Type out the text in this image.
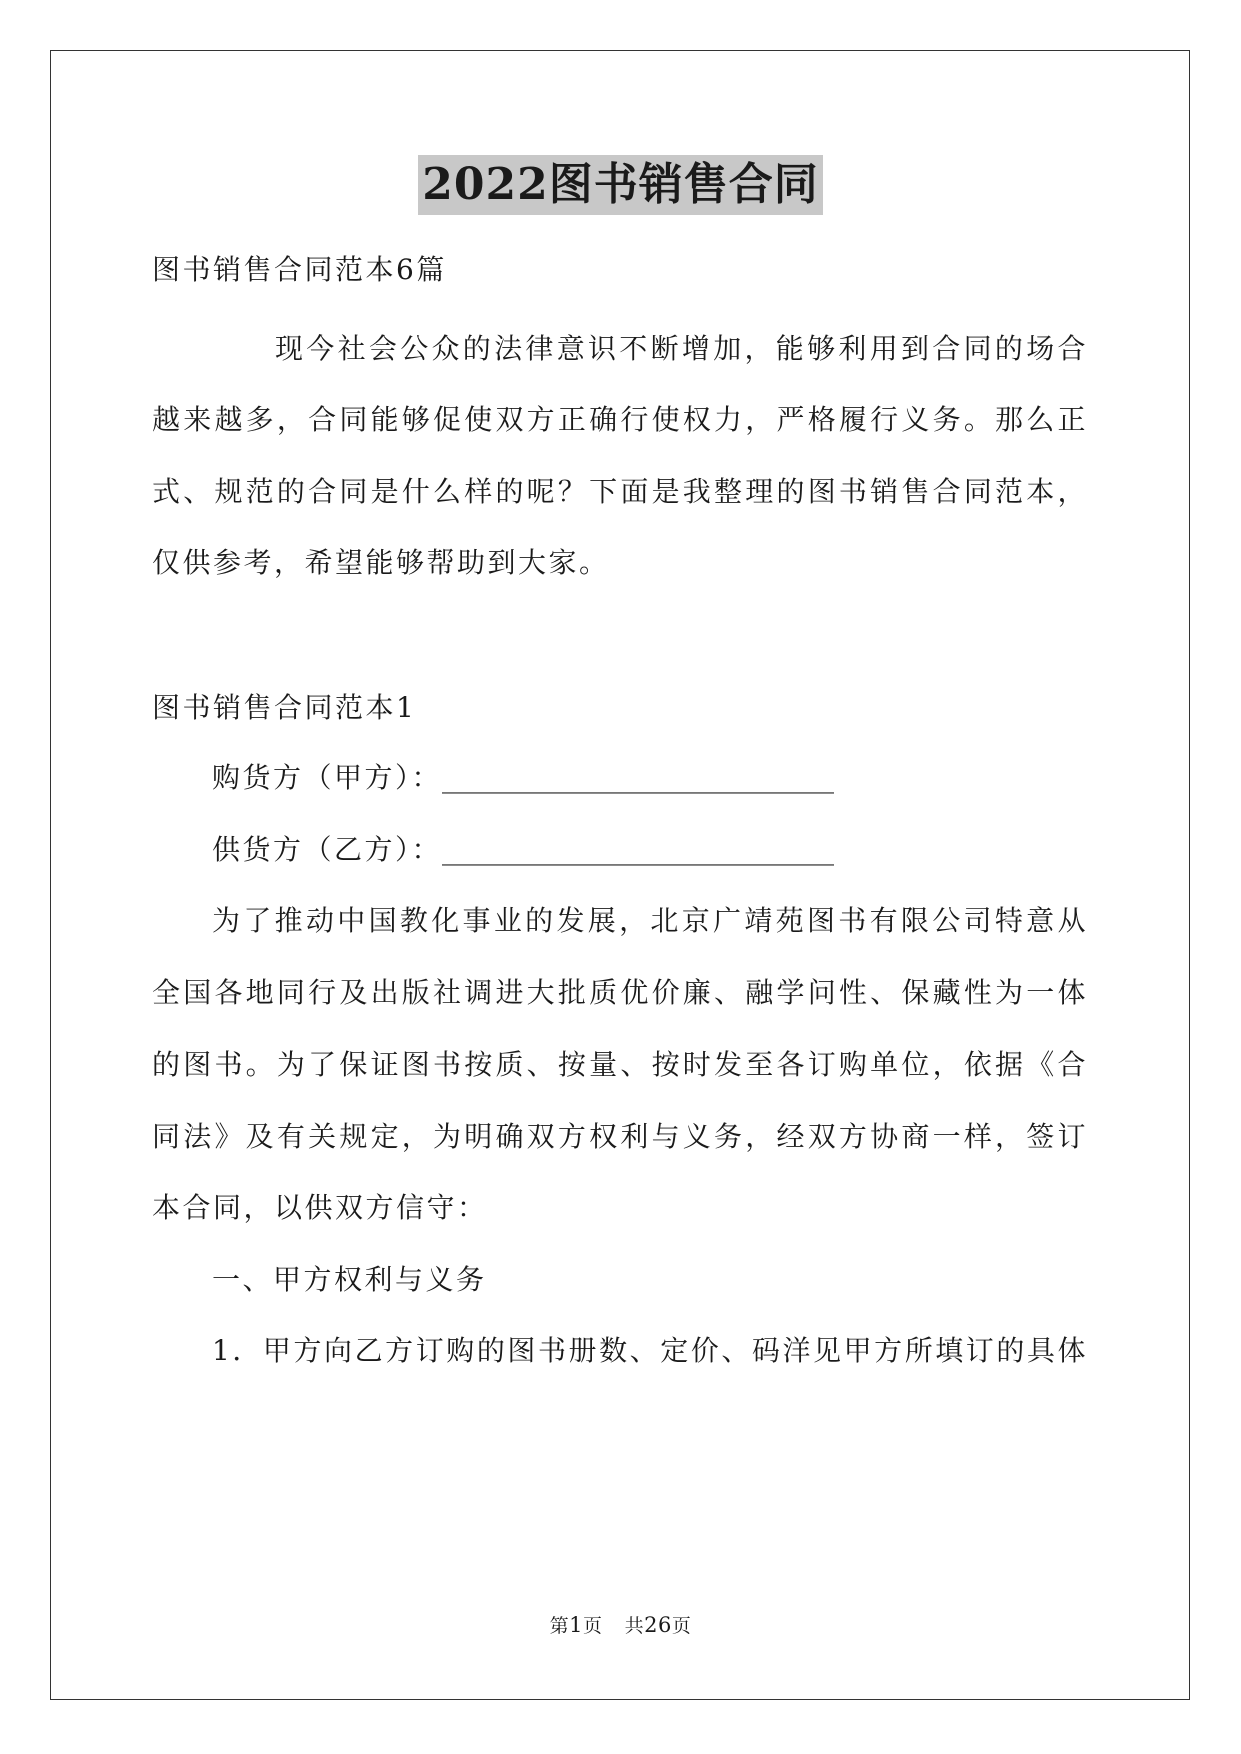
2022图书销售合同
图书销售合同范本6篇
现今社会公众的法律意识不断增加，能够利用到合同的场合
越来越多，合同能够促使双方正确行使权力，严格履行义务。那么正
式、规范的合同是什么样的呢？下面是我整理的图书销售合同范本，
仅供参考，希望能够帮助到大家。
图书销售合同范本1
购货方（甲方）：____________________________
供货方（乙方）：____________________________
为了推动中国教化事业的发展，北京广靖苑图书有限公司特意从
全国各地同行及出版社调进大批质优价廉、融学问性、保藏性为一体
的图书。为了保证图书按质、按量、按时发至各订购单位，依据《合
同法》及有关规定，为明确双方权利与义务，经双方协商一样，签订
本合同，以供双方信守：
一、甲方权利与义务
1．甲方向乙方订购的图书册数、定价、码洋见甲方所填订的具体
第1页 共26页
